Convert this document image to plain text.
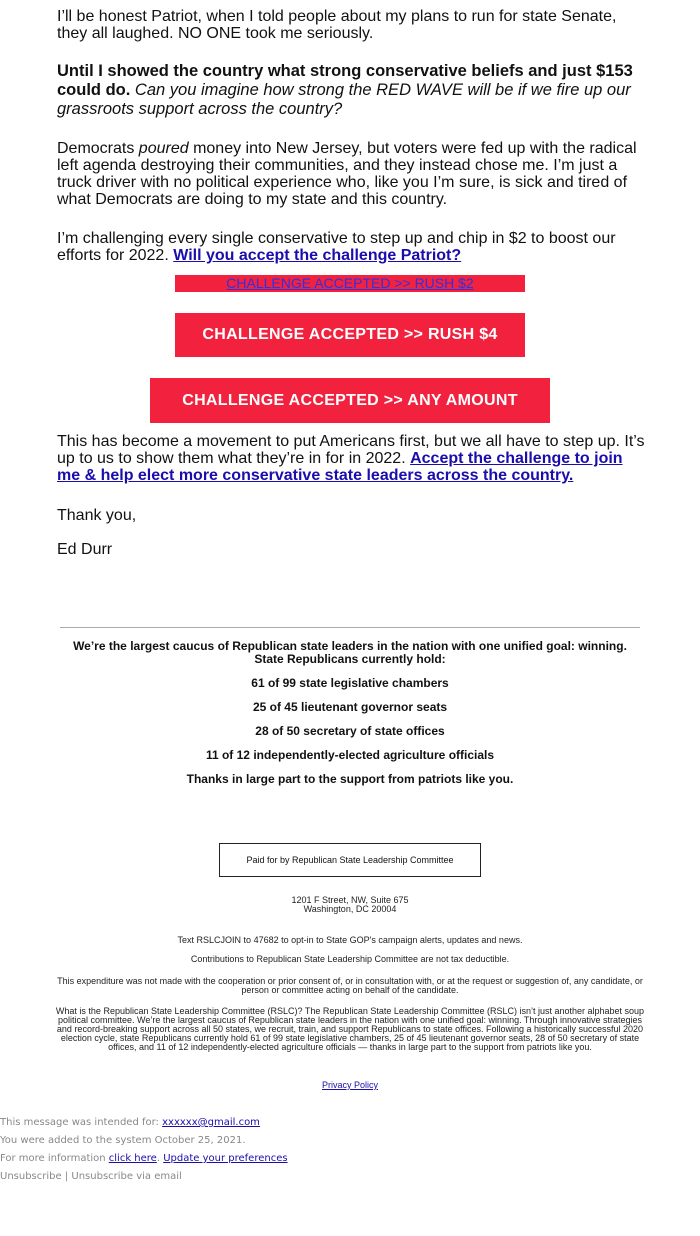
I’ll be honest Patriot, when I told people about my plans to run for state Senate, they all laughed. NO ONE took me seriously.

Until I showed the country what strong conservative beliefs and just $153 could do. Can you imagine how strong the RED WAVE will be if we fire up our grassroots support across the country?

Democrats poured money into New Jersey, but voters were fed up with the radical left agenda destroying their communities, and they instead chose me. I’m just a truck driver with no political experience who, like you I’m sure, is sick and tired of what Democrats are doing to my state and this country.

I’m challenging every single conservative to step up and chip in $2 to boost our efforts for 2022. Will you accept the challenge Patriot?

CHALLENGE ACCEPTED >> RUSH $2
CHALLENGE ACCEPTED >> RUSH $4
CHALLENGE ACCEPTED >> ANY AMOUNT

This has become a movement to put Americans first, but we all have to step up. It’s up to us to show them what they’re in for in 2022. Accept the challenge to join me & help elect more conservative state leaders across the country.

Thank you,

Ed Durr

We’re the largest caucus of Republican state leaders in the nation with one unified goal: winning.
State Republicans currently hold:
61 of 99 state legislative chambers
25 of 45 lieutenant governor seats
28 of 50 secretary of state offices
11 of 12 independently-elected agriculture officials
Thanks in large part to the support from patriots like you.
Paid for by Republican State Leadership Committee
1201 F Street, NW, Suite 675
Washington, DC 20004
Text RSLCJOIN to 47682 to opt-in to State GOP's campaign alerts, updates and news.
Contributions to Republican State Leadership Committee are not tax deductible.
This expenditure was not made with the cooperation or prior consent of, or in consultation with, or at the request or suggestion of, any candidate, or person or committee acting on behalf of the candidate.
What is the Republican State Leadership Committee (RSLC)? The Republican State Leadership Committee (RSLC) isn’t just another alphabet soup political committee. We’re the largest caucus of Republican state leaders in the nation with one unified goal: winning. Through innovative strategies and record-breaking support across all 50 states, we recruit, train, and support Republicans to state offices. Following a historically successful 2020 election cycle, state Republicans currently hold 61 of 99 state legislative chambers, 25 of 45 lieutenant governor seats, 28 of 50 secretary of state offices, and 11 of 12 independently-elected agriculture officials — thanks in large part to the support from patriots like you.
Privacy Policy
This message was intended for: xxxxxx@gmail.com
You were added to the system October 25, 2021.
For more information click here. Update your preferences
Unsubscribe | Unsubscribe via email
